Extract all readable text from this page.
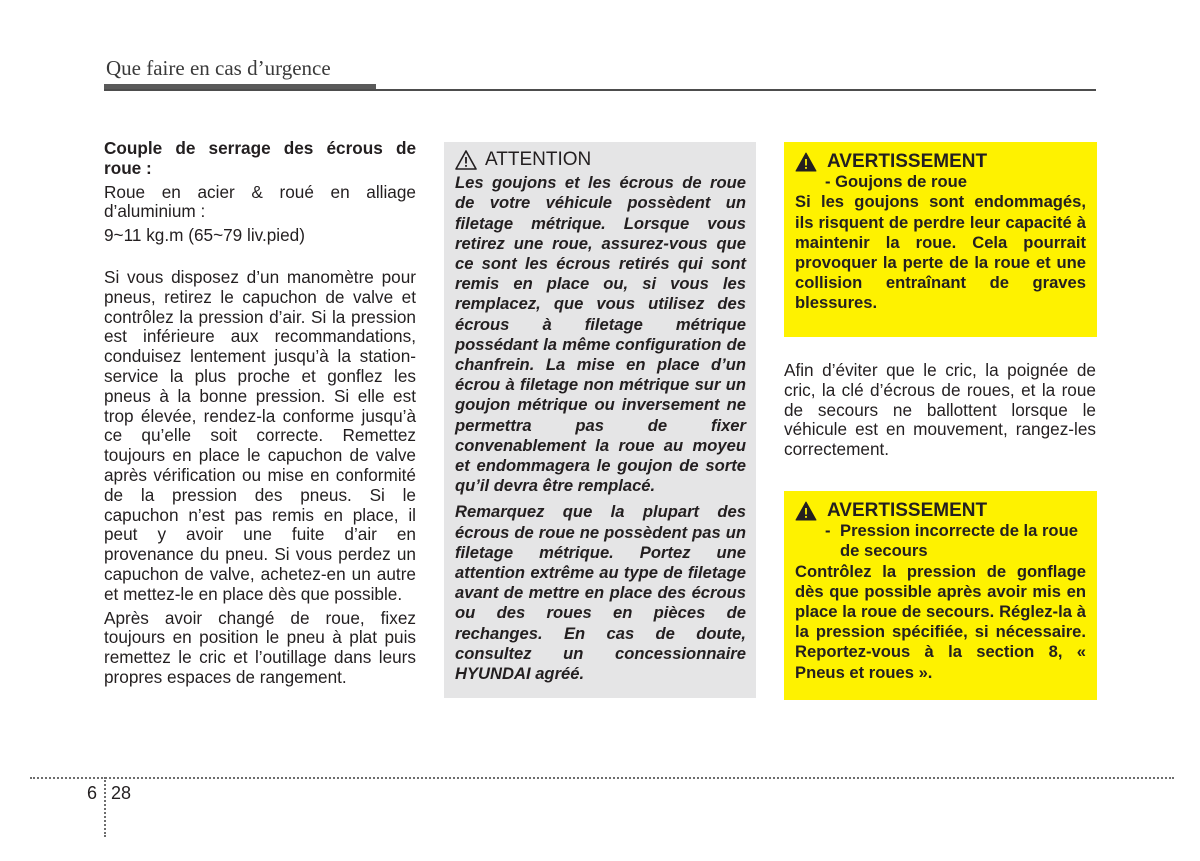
Que faire en cas d’urgence

Couple de serrage des écrous de roue :

Roue en acier & roué en alliage d’aluminium :

9~11 kg.m (65~79 liv.pied)

Si vous disposez d’un manomètre pour pneus, retirez le capuchon de valve et contrôlez la pression d’air. Si la pression est inférieure aux recommandations, conduisez lentement jusqu’à la station-service la plus proche et gonflez les pneus à la bonne pression. Si elle est trop élevée, rendez-la conforme jusqu’à ce qu’elle soit correcte. Remettez toujours en place le capuchon de valve après vérification ou mise en conformité de la pression des pneus. Si le capuchon n’est pas remis en place, il peut y avoir une fuite d’air en provenance du pneu. Si vous perdez un capuchon de valve, achetez-en un autre et mettez-le en place dès que possible.

Après avoir changé de roue, fixez toujours en position le pneu à plat puis remettez le cric et l’outillage dans leurs propres espaces de rangement.

ATTENTION

Les goujons et les écrous de roue de votre véhicule possèdent un filetage métrique. Lorsque vous retirez une roue, assurez-vous que ce sont les écrous retirés qui sont remis en place ou, si vous les remplacez, que vous utilisez des écrous à filetage métrique possédant la même configuration de chanfrein. La mise en place d’un écrou à filetage non métrique sur un goujon métrique ou inversement ne permettra pas de fixer convenablement la roue au moyeu et endommagera le goujon de sorte qu’il devra être remplacé.

Remarquez que la plupart des écrous de roue ne possèdent pas un filetage métrique. Portez une attention extrême au type de filetage avant de mettre en place des écrous ou des roues en pièces de rechanges. En cas de doute, consultez un concessionnaire HYUNDAI agréé.

AVERTISSEMENT
- Goujons de roue

Si les goujons sont endommagés, ils risquent de perdre leur capacité à maintenir la roue. Cela pourrait provoquer la perte de la roue et une collision entraînant de graves blessures.

Afin d’éviter que le cric, la poignée de cric, la clé d’écrous de roues, et la roue de secours ne ballottent lorsque le véhicule est en mouvement, rangez-les correctement.

AVERTISSEMENT
- Pression incorrecte de la roue de secours

Contrôlez la pression de gonflage dès que possible après avoir mis en place la roue de secours. Réglez-la à la pression spécifiée, si nécessaire. Reportez-vous à la section 8, « Pneus et roues ».

6 28
